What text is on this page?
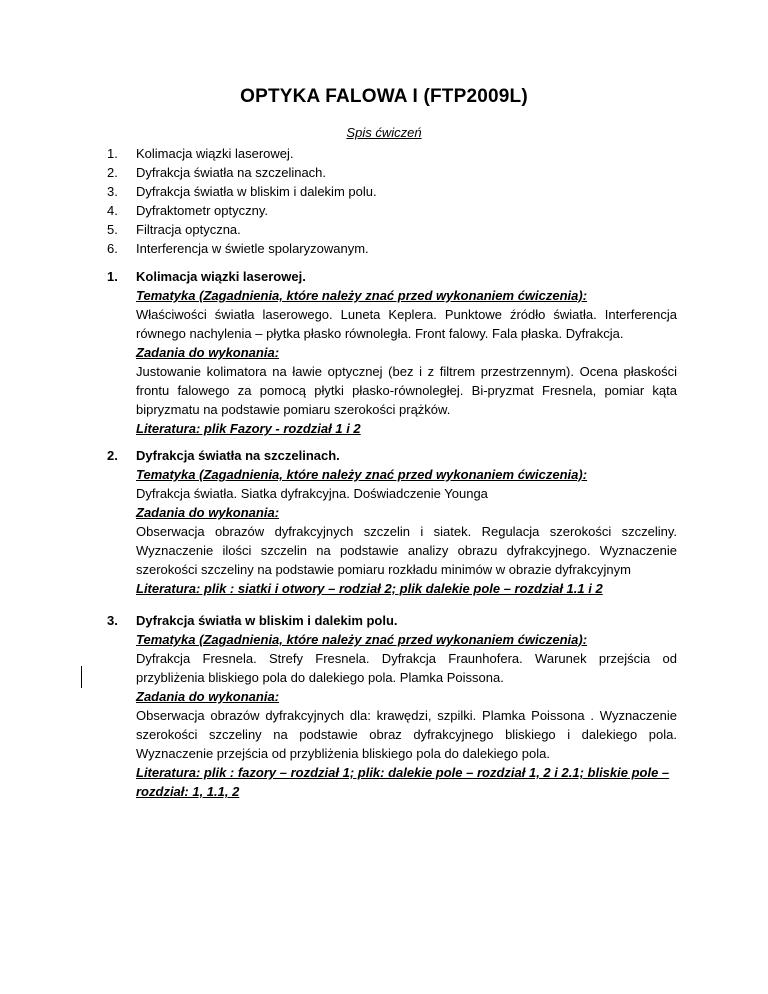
OPTYKA FALOWA I (FTP2009L)
Spis ćwiczeń
1. Kolimacja wiązki laserowej.
2. Dyfrakcja światła na szczelinach.
3. Dyfrakcja światła w bliskim i dalekim polu.
4. Dyfraktometr optyczny.
5. Filtracja optyczna.
6. Interferencja w świetle spolaryzowanym.
1. Kolimacja wiązki laserowej.
Tematyka (Zagadnienia, które należy znać przed wykonaniem ćwiczenia):
Właściwości światła laserowego. Luneta Keplera. Punktowe źródło światła. Interferencja równego nachylenia – płytka płasko równoległa. Front falowy. Fala płaska. Dyfrakcja.
Zadania do wykonania:
Justowanie kolimatora na ławie optycznej (bez i z filtrem przestrzennym). Ocena płaskości frontu falowego za pomocą płytki płasko-równoległej. Bi-pryzmat Fresnela, pomiar kąta bipryzmatu na podstawie pomiaru szerokości prążków.
Literatura: plik Fazory - rozdział 1 i 2
2. Dyfrakcja światła na szczelinach.
Tematyka (Zagadnienia, które należy znać przed wykonaniem ćwiczenia):
Dyfrakcja światła. Siatka dyfrakcyjna. Doświadczenie Younga
Zadania do wykonania:
Obserwacja obrazów dyfrakcyjnych szczelin i siatek. Regulacja szerokości szczeliny. Wyznaczenie ilości szczelin na podstawie analizy obrazu dyfrakcyjnego. Wyznaczenie szerokości szczeliny na podstawie pomiaru rozkładu minimów w obrazie dyfrakcyjnym
Literatura: plik : siatki i otwory – rodział 2; plik dalekie pole – rozdział 1.1 i 2
3. Dyfrakcja światła w bliskim i dalekim polu.
Tematyka (Zagadnienia, które należy znać przed wykonaniem ćwiczenia):
Dyfrakcja Fresnela. Strefy Fresnela. Dyfrakcja Fraunhofera. Warunek przejścia od przybliżenia bliskiego pola do dalekiego pola. Plamka Poissona.
Zadania do wykonania:
Obserwacja obrazów dyfrakcyjnych dla: krawędzi, szpilki. Plamka Poissona . Wyznaczenie szerokości szczeliny na podstawie obraz dyfrakcyjnego bliskiego i dalekiego pola. Wyznaczenie przejścia od przybliżenia bliskiego pola do dalekiego pola.
Literatura: plik : fazory – rozdział 1; plik: dalekie pole – rozdział 1, 2 i 2.1; bliskie pole – rozdział: 1, 1.1, 2
